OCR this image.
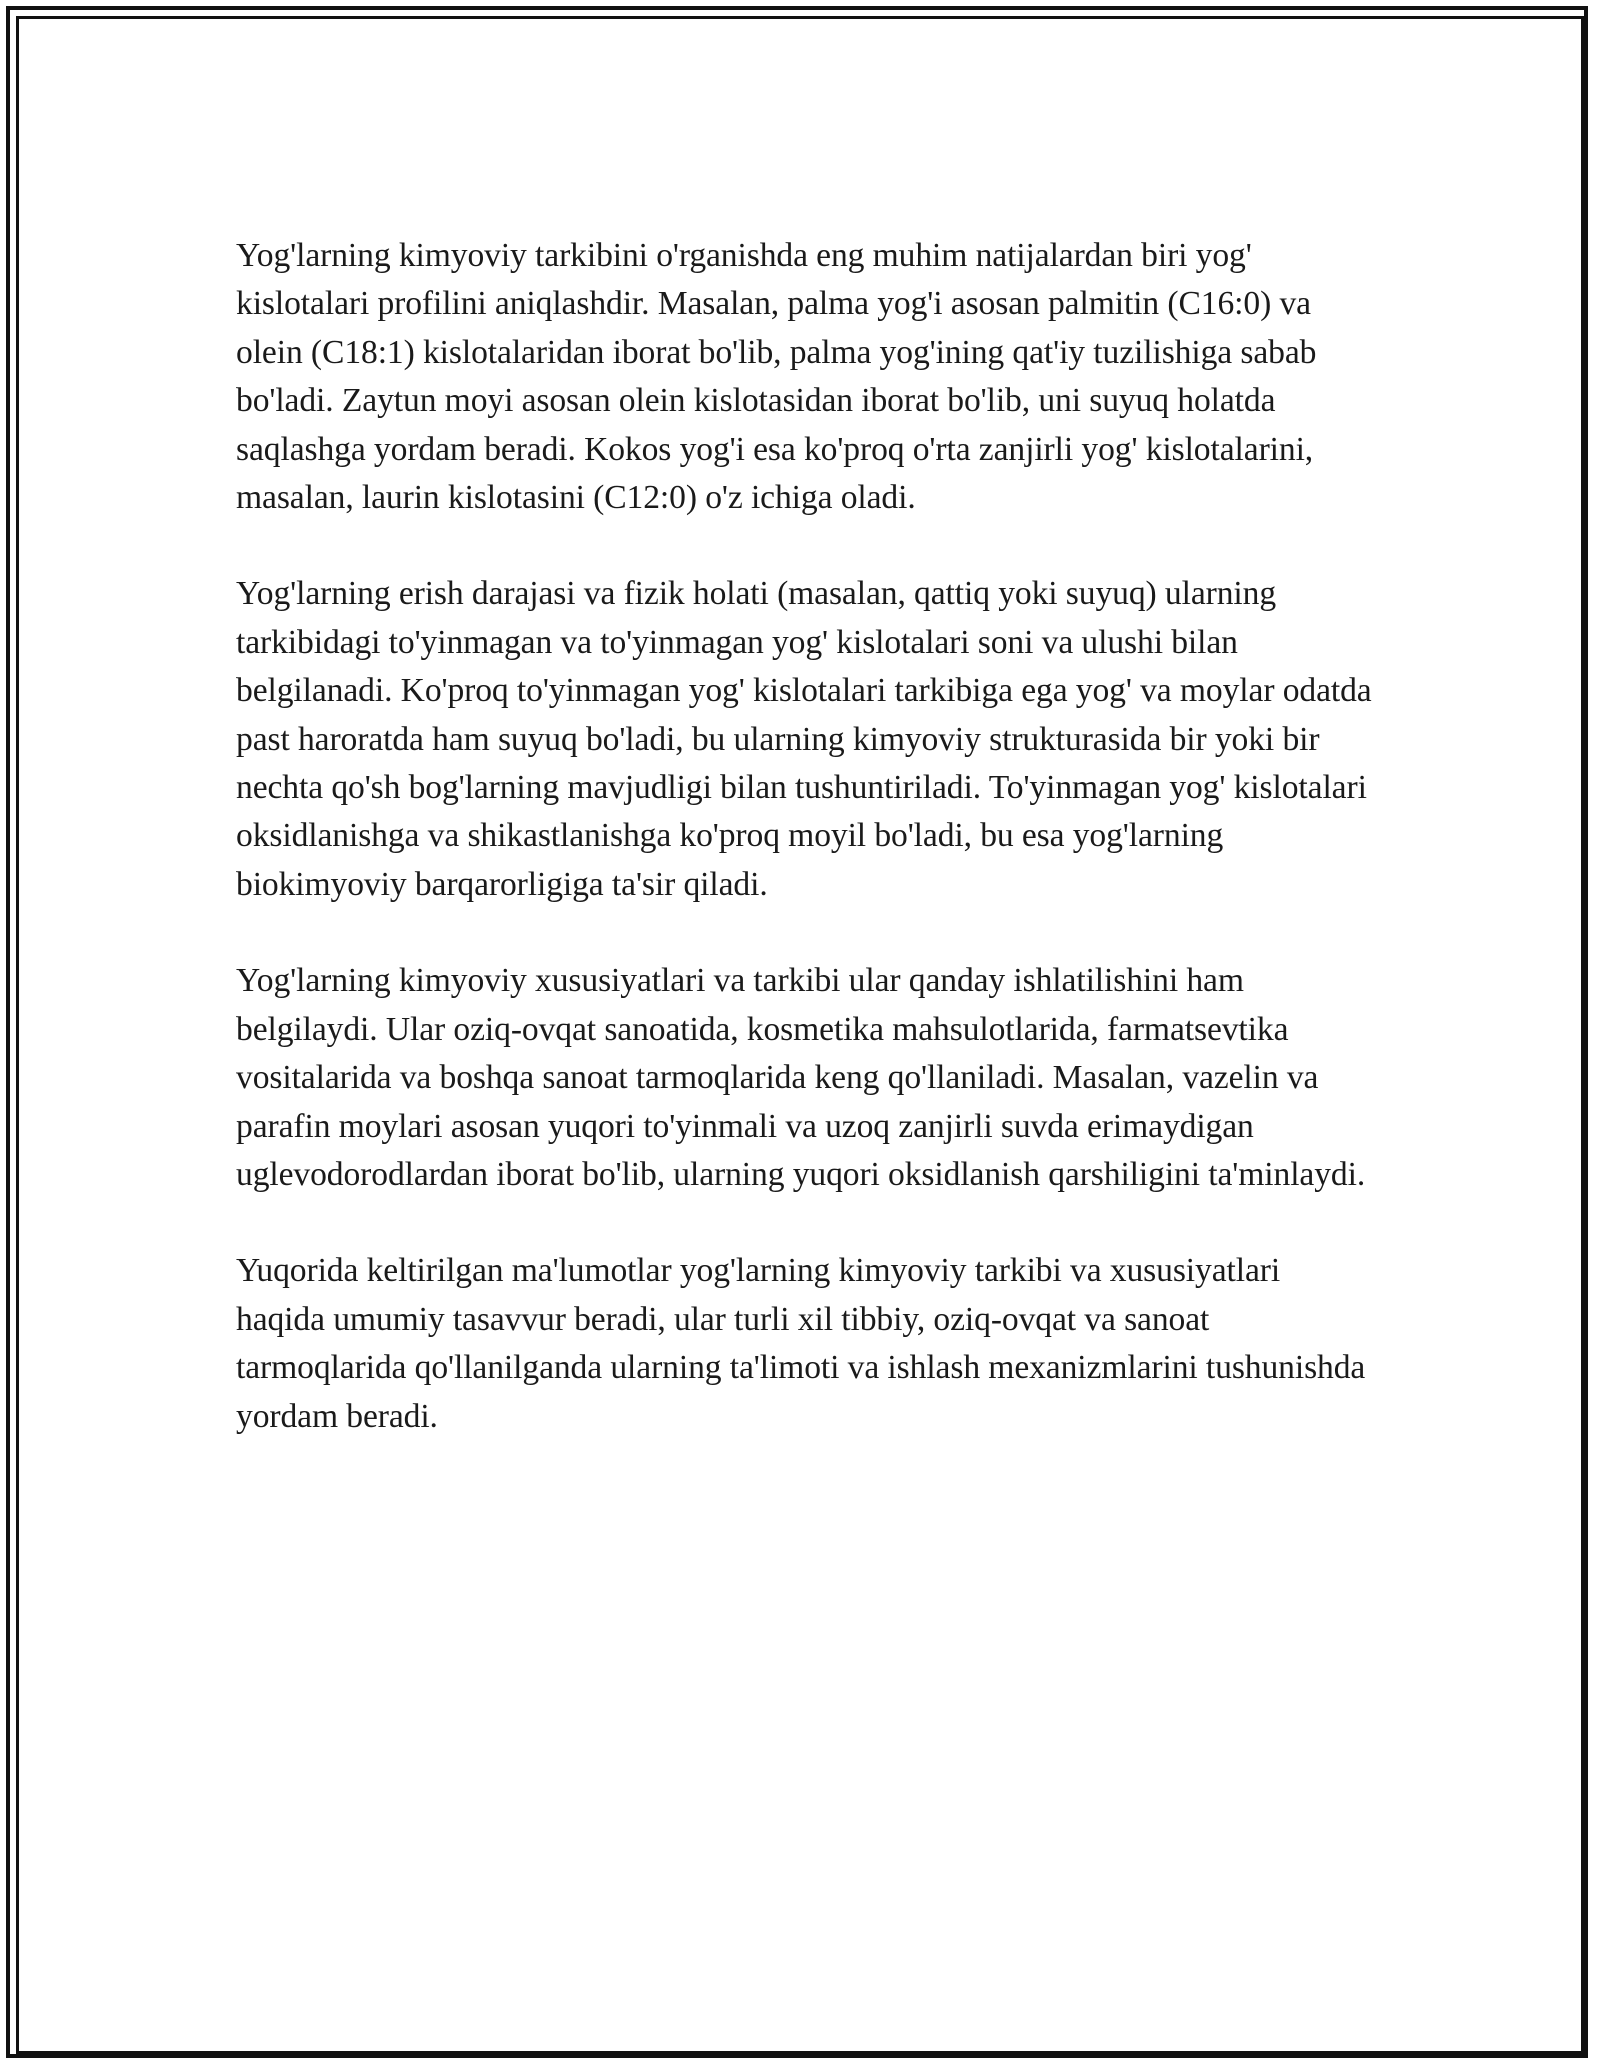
Yog'larning kimyoviy tarkibini o'rganishda eng muhim natijalardan biri yog' kislotalari profilini aniqlashdir. Masalan, palma yog'i asosan palmitin (C16:0) va olein (C18:1) kislotalaridan iborat bo'lib, palma yog'ining qat'iy tuzilishiga sabab bo'ladi. Zaytun moyi asosan olein kislotasidan iborat bo'lib, uni suyuq holatda saqlashga yordam beradi. Kokos yog'i esa ko'proq o'rta zanjirli yog' kislotalarini, masalan, laurin kislotasini (C12:0) o'z ichiga oladi.

Yog'larning erish darajasi va fizik holati (masalan, qattiq yoki suyuq) ularning tarkibidagi to'yinmagan va to'yinmagan yog' kislotalari soni va ulushi bilan belgilanadi. Ko'proq to'yinmagan yog' kislotalari tarkibiga ega yog' va moylar odatda past haroratda ham suyuq bo'ladi, bu ularning kimyoviy strukturasida bir yoki bir nechta qo'sh bog'larning mavjudligi bilan tushuntiriladi. To'yinmagan yog' kislotalari oksidlanishga va shikastlanishga ko'proq moyil bo'ladi, bu esa yog'larning biokimyoviy barqarorligiga ta'sir qiladi.

Yog'larning kimyoviy xususiyatlari va tarkibi ular qanday ishlatilishini ham belgilaydi. Ular oziq-ovqat sanoatida, kosmetika mahsulotlarida, farmatsevtika vositalarida va boshqa sanoat tarmoqlarida keng qo'llaniladi. Masalan, vazelin va parafin moylari asosan yuqori to'yinmali va uzoq zanjirli suvda erimaydigan uglevodorodlardan iborat bo'lib, ularning yuqori oksidlanish qarshiligini ta'minlaydi.

Yuqorida keltirilgan ma'lumotlar yog'larning kimyoviy tarkibi va xususiyatlari haqida umumiy tasavvur beradi, ular turli xil tibbiy, oziq-ovqat va sanoat tarmoqlarida qo'llanilganda ularning ta'limoti va ishlash mexanizmlarini tushunishda yordam beradi.
